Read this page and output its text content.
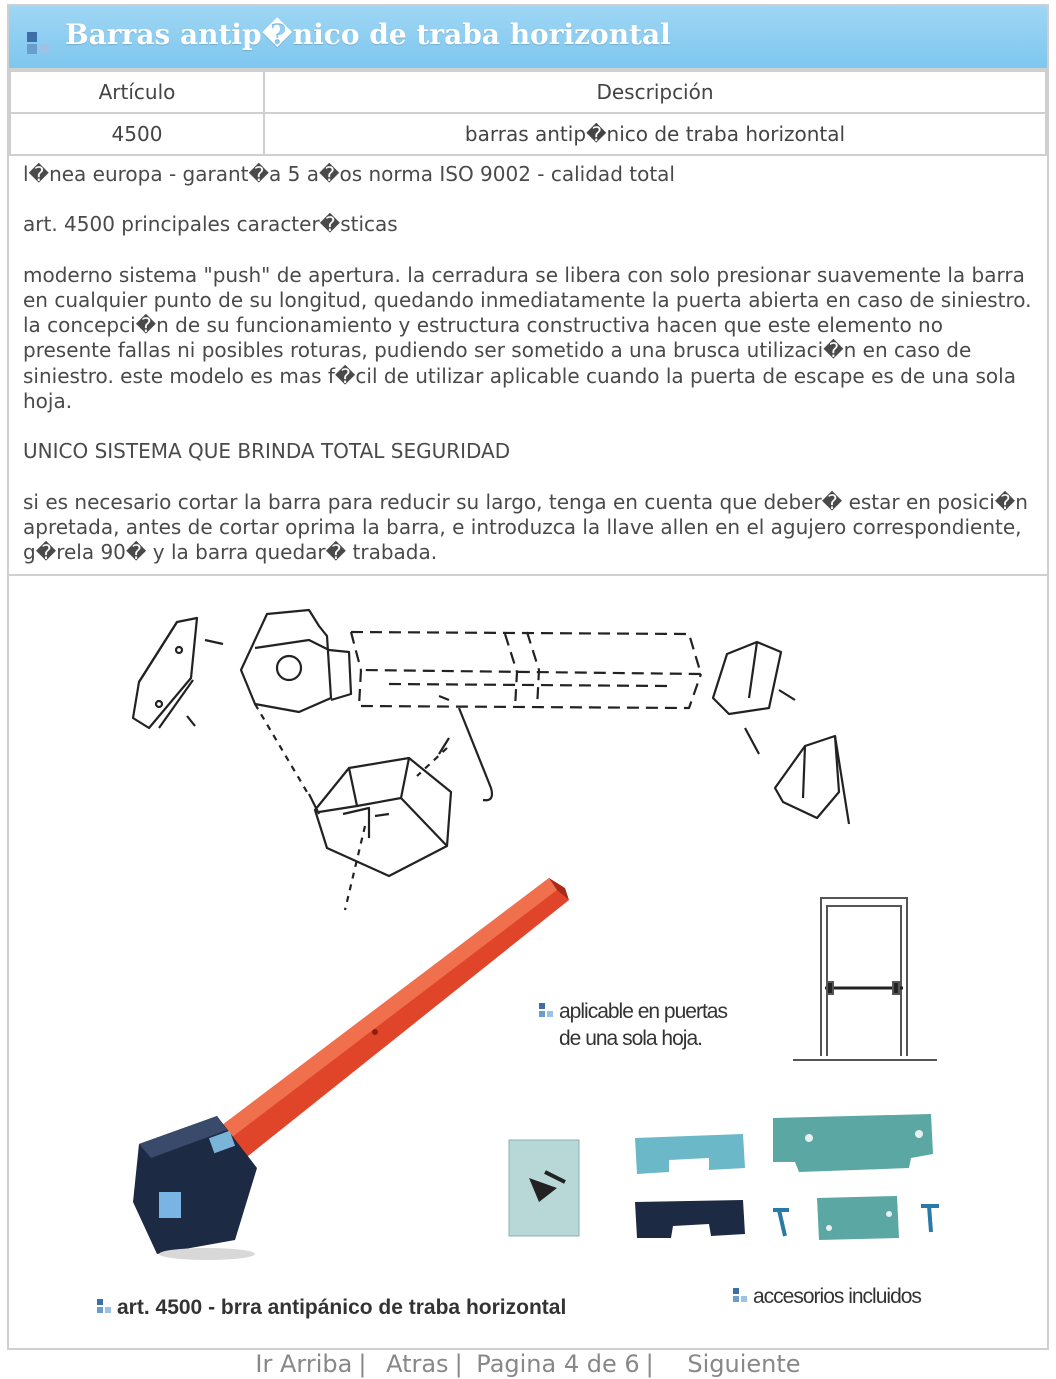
Barras antip�nico de traba horizontal
Artículo	Descripción
4500	barras antip�nico de traba horizontal

l�nea europa - garant�a 5 a�os norma ISO 9002 - calidad total

art. 4500 principales caracter�sticas

moderno sistema "push" de apertura. la cerradura se libera con solo presionar suavemente la barra en cualquier punto de su longitud, quedando inmediatamente la puerta abierta en caso de siniestro. la concepci�n de su funcionamiento y estructura constructiva hacen que este elemento no presente fallas ni posibles roturas, pudiendo ser sometido a una brusca utilizaci�n en caso de siniestro. este modelo es mas f�cil de utilizar aplicable cuando la puerta de escape es de una sola hoja.

UNICO SISTEMA QUE BRINDA TOTAL SEGURIDAD

si es necesario cortar la barra para reducir su largo, tenga en cuenta que deber� estar en posici�n apretada, antes de cortar oprima la barra, e introduzca la llave allen en el agujero correspondiente, g�rela 90� y la barra quedar� trabada.

aplicable en puertas
de una sola hoja.
accesorios incluidos
art. 4500 - brra antipánico de traba horizontal
Ir Arriba | Atras | Pagina 4 de 6 | Siguiente
